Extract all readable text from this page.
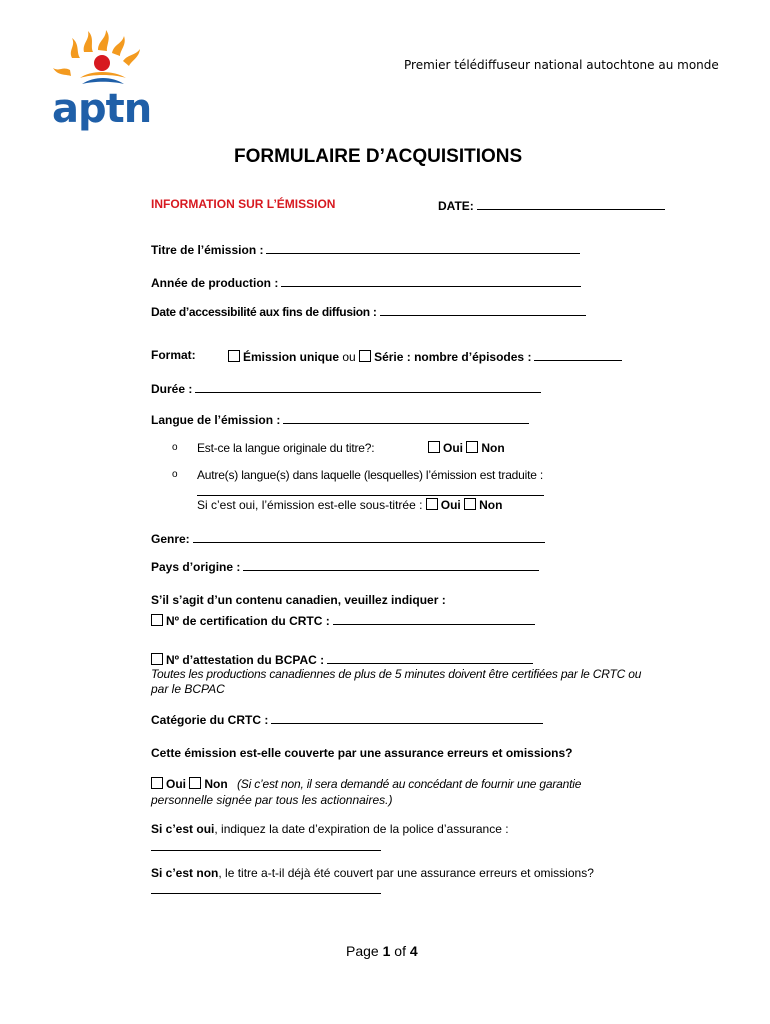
aptn
Premier télédiffuseur national autochtone au monde
FORMULAIRE D’ACQUISITIONS
INFORMATION SUR L’ÉMISSION	DATE:
Titre de l’émission :
Année de production :
Date d’accessibilité aux fins de diffusion :
Format:	Émission unique ou Série : nombre d’épisodes :
Durée :
Langue de l’émission :
o Est-ce la langue originale du titre?:	Oui Non
o Autre(s) langue(s) dans laquelle (lesquelles) l’émission est traduite :
Si c’est oui, l’émission est-elle sous-titrée : Oui Non
Genre:
Pays d’origine :
S’il s’agit d’un contenu canadien, veuillez indiquer :
Nº de certification du CRTC :
Nº d’attestation du BCPAC :
Toutes les productions canadiennes de plus de 5 minutes doivent être certifiées par le CRTC ou
par le BCPAC
Catégorie du CRTC :
Cette émission est-elle couverte par une assurance erreurs et omissions?
Oui Non (Si c’est non, il sera demandé au concédant de fournir une garantie
personnelle signée par tous les actionnaires.)
Si c’est oui, indiquez la date d’expiration de la police d’assurance :
Si c’est non, le titre a-t-il déjà été couvert par une assurance erreurs et omissions?
Page 1 of 4
